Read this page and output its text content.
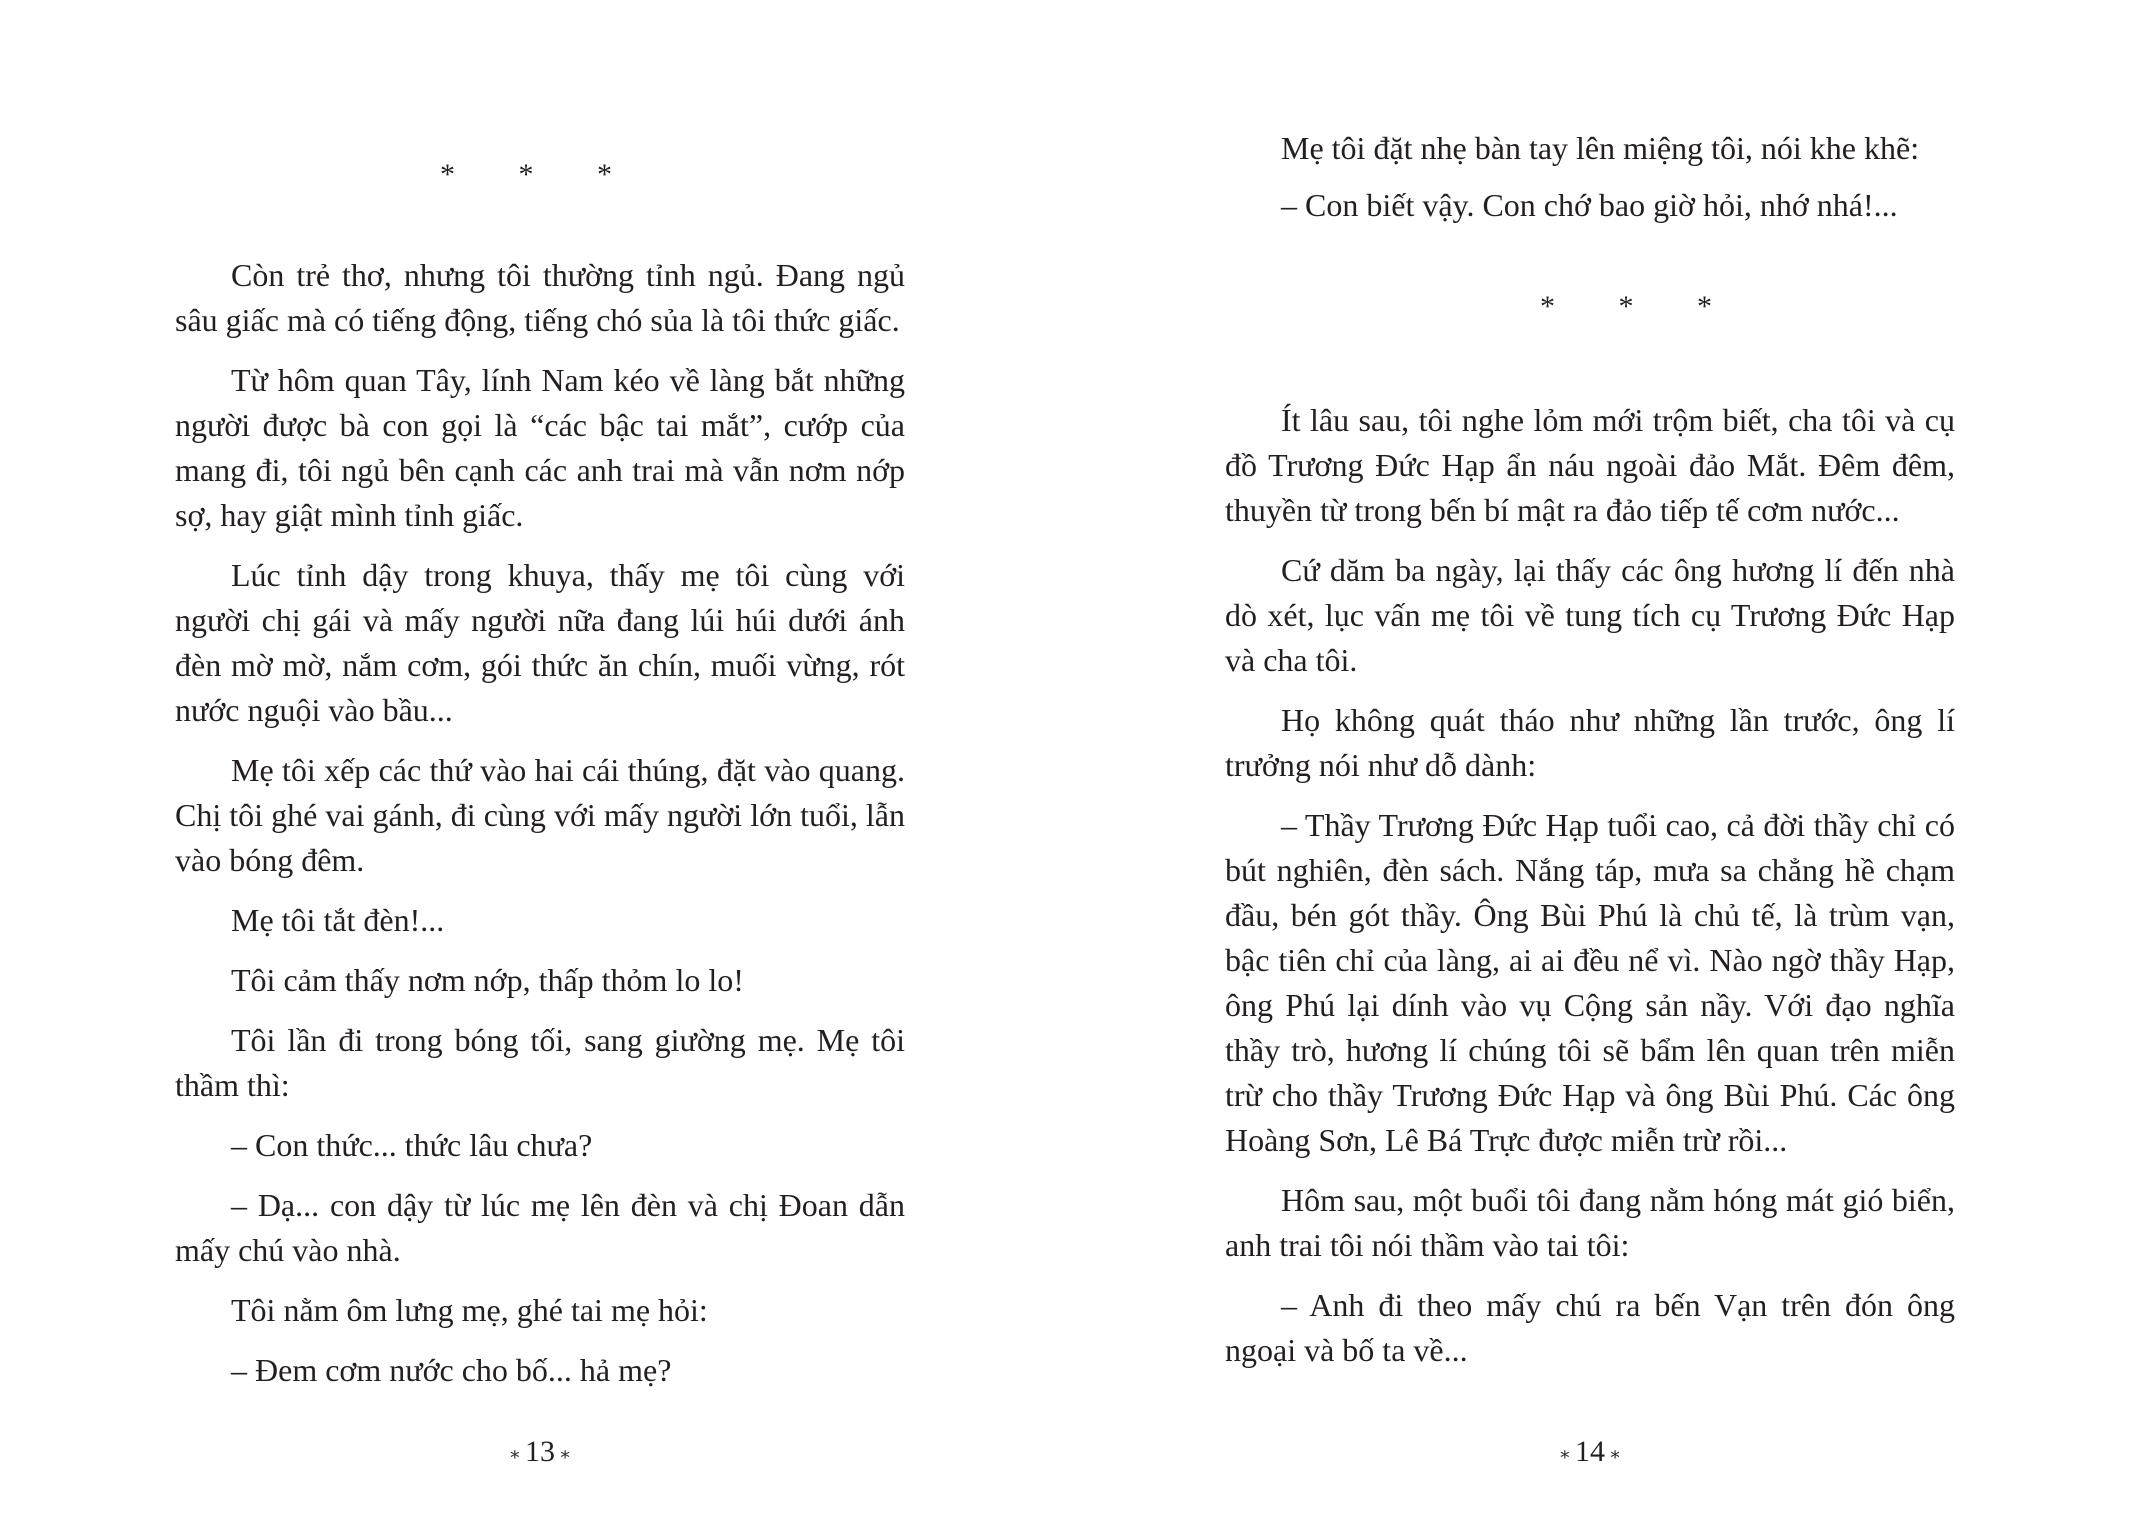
* * *

Còn trẻ thơ, nhưng tôi thường tỉnh ngủ. Đang ngủ sâu giấc mà có tiếng động, tiếng chó sủa là tôi thức giấc.

Từ hôm quan Tây, lính Nam kéo về làng bắt những người được bà con gọi là “các bậc tai mắt”, cướp của mang đi, tôi ngủ bên cạnh các anh trai mà vẫn nơm nớp sợ, hay giật mình tỉnh giấc.

Lúc tỉnh dậy trong khuya, thấy mẹ tôi cùng với người chị gái và mấy người nữa đang lúi húi dưới ánh đèn mờ mờ, nắm cơm, gói thức ăn chín, muối vừng, rót nước nguội vào bầu...

Mẹ tôi xếp các thứ vào hai cái thúng, đặt vào quang. Chị tôi ghé vai gánh, đi cùng với mấy người lớn tuổi, lẫn vào bóng đêm.

Mẹ tôi tắt đèn!...

Tôi cảm thấy nơm nớp, thấp thỏm lo lo!

Tôi lần đi trong bóng tối, sang giường mẹ. Mẹ tôi thầm thì:

– Con thức... thức lâu chưa?

– Dạ... con dậy từ lúc mẹ lên đèn và chị Đoan dẫn mấy chú vào nhà.

Tôi nằm ôm lưng mẹ, ghé tai mẹ hỏi:

– Đem cơm nước cho bố... hả mẹ?

∗ 13 ∗

Mẹ tôi đặt nhẹ bàn tay lên miệng tôi, nói khe khẽ:

– Con biết vậy. Con chớ bao giờ hỏi, nhớ nhá!...

* * *

Ít lâu sau, tôi nghe lỏm mới trộm biết, cha tôi và cụ đồ Trương Đức Hạp ẩn náu ngoài đảo Mắt. Đêm đêm, thuyền từ trong bến bí mật ra đảo tiếp tế cơm nước...

Cứ dăm ba ngày, lại thấy các ông hương lí đến nhà dò xét, lục vấn mẹ tôi về tung tích cụ Trương Đức Hạp và cha tôi.

Họ không quát tháo như những lần trước, ông lí trưởng nói như dỗ dành:

– Thầy Trương Đức Hạp tuổi cao, cả đời thầy chỉ có bút nghiên, đèn sách. Nắng táp, mưa sa chẳng hề chạm đầu, bén gót thầy. Ông Bùi Phú là chủ tế, là trùm vạn, bậc tiên chỉ của làng, ai ai đều nể vì. Nào ngờ thầy Hạp, ông Phú lại dính vào vụ Cộng sản nầy. Với đạo nghĩa thầy trò, hương lí chúng tôi sẽ bẩm lên quan trên miễn trừ cho thầy Trương Đức Hạp và ông Bùi Phú. Các ông Hoàng Sơn, Lê Bá Trực được miễn trừ rồi...

Hôm sau, một buổi tôi đang nằm hóng mát gió biển, anh trai tôi nói thầm vào tai tôi:

– Anh đi theo mấy chú ra bến Vạn trên đón ông ngoại và bố ta về...

∗ 14 ∗
